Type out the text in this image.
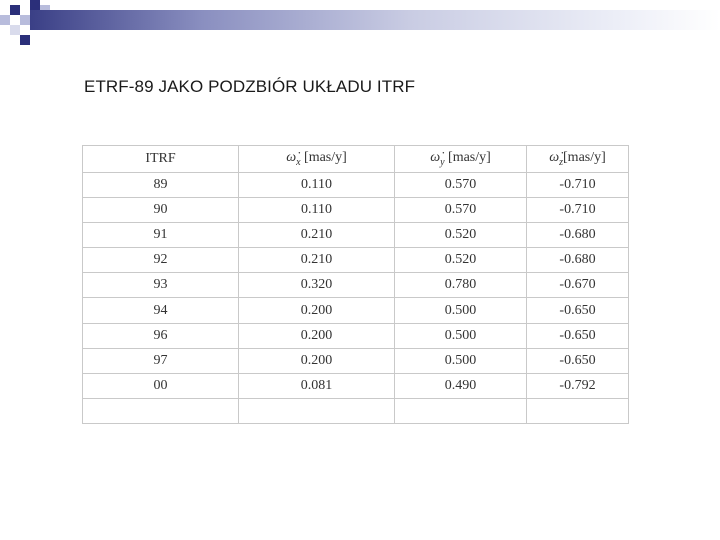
ETRF-89 JAKO PODZBIÓR UKŁADU ITRF
ITRF	$\omegȧ_x$ [mas/y]	$\omegȧ_y$ [mas/y]	$\omegȧ_z[mas/y]$
89	0.110	0.570	-0.710
90	0.110	0.570	-0.710
91	0.210	0.520	-0.680
92	0.210	0.520	-0.680
93	0.320	0.780	-0.670
94	0.200	0.500	-0.650
96	0.200	0.500	-0.650
97	0.200	0.500	-0.650
00	0.081	0.490	-0.792
